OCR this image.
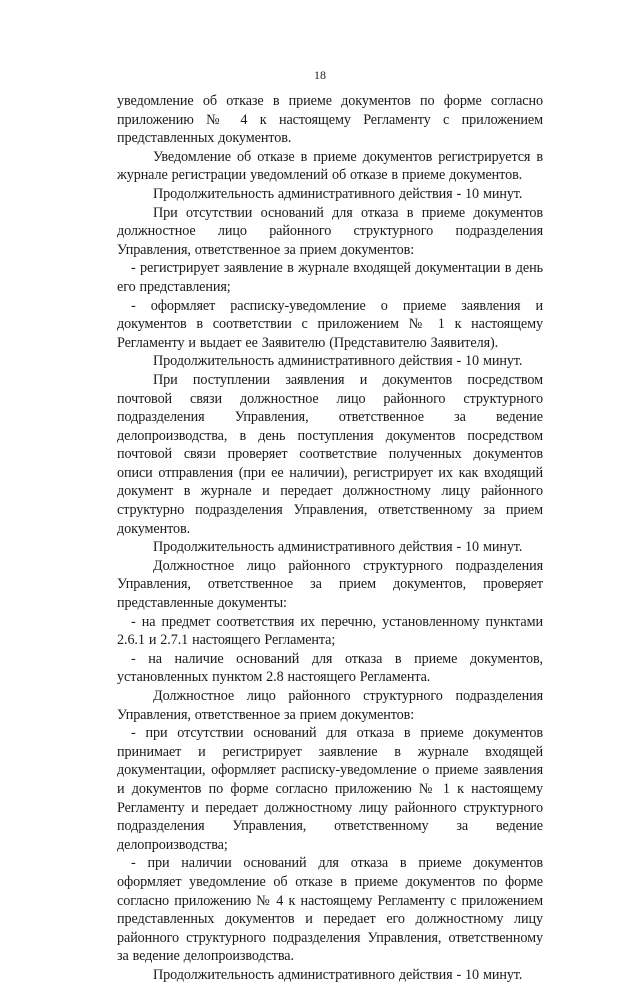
18

уведомление об отказе в приеме документов по форме согласно приложению № 4 к настоящему Регламенту с приложением представленных документов.

Уведомление об отказе в приеме документов регистрируется в журнале регистрации уведомлений об отказе в приеме документов.

Продолжительность административного действия - 10 минут.

При отсутствии оснований для отказа в приеме документов должностное лицо районного структурного подразделения Управления, ответственное за прием документов:

- регистрирует заявление в журнале входящей документации в день его представления;

- оформляет расписку-уведомление о приеме заявления и документов в соответствии с приложением № 1 к настоящему Регламенту и выдает ее Заявителю (Представителю Заявителя).

Продолжительность административного действия - 10 минут.

При поступлении заявления и документов посредством почтовой связи должностное лицо районного структурного подразделения Управления, ответственное за ведение делопроизводства, в день поступления документов посредством почтовой связи проверяет соответствие полученных документов описи отправления (при ее наличии), регистрирует их как входящий документ в журнале и передает должностному лицу районного структурно подразделения Управления, ответственному за прием документов.

Продолжительность административного действия - 10 минут.

Должностное лицо районного структурного подразделения Управления, ответственное за прием документов, проверяет представленные документы:

- на предмет соответствия их перечню, установленному пунктами 2.6.1 и 2.7.1 настоящего Регламента;

- на наличие оснований для отказа в приеме документов, установленных пунктом 2.8 настоящего Регламента.

Должностное лицо районного структурного подразделения Управления, ответственное за прием документов:

- при отсутствии оснований для отказа в приеме документов принимает и регистрирует заявление в журнале входящей документации, оформляет расписку-уведомление о приеме заявления и документов по форме согласно приложению № 1 к настоящему Регламенту и передает должностному лицу районного структурного подразделения Управления, ответственному за ведение делопроизводства;

- при наличии оснований для отказа в приеме документов оформляет уведомление об отказе в приеме документов по форме согласно приложению № 4 к настоящему Регламенту с приложением представленных документов и передает его должностному лицу районного структурного подразделения Управления, ответственному за ведение делопроизводства.

Продолжительность административного действия - 10 минут.
